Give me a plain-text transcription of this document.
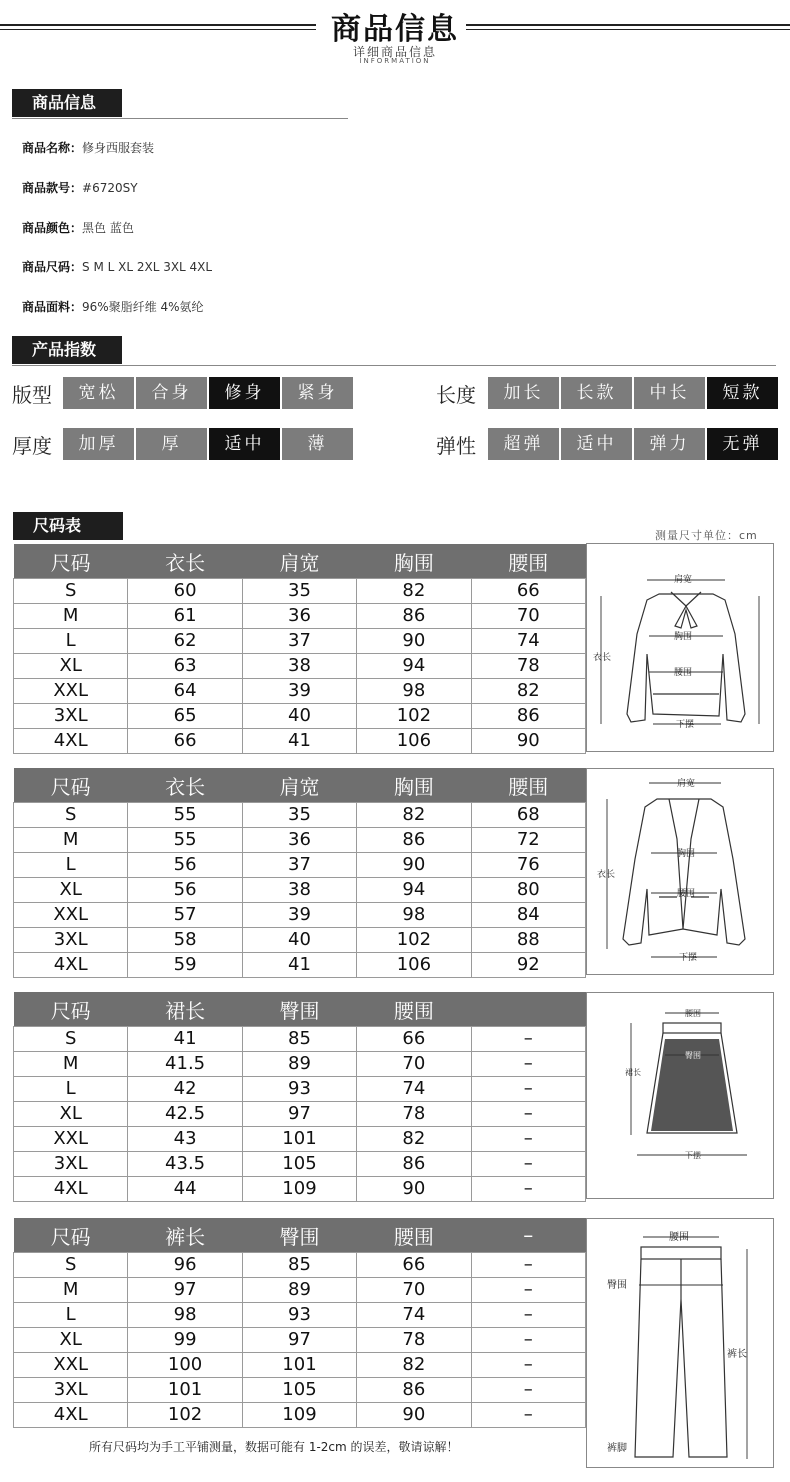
商品信息
详细商品信息
INFORMATION
商品信息
商品名称：修身西服套装
商品款号：#6720SY
商品颜色：黑色 蓝色
商品尺码：S M L XL 2XL 3XL 4XL
商品面料：96%聚脂纤维 4%氨纶
产品指数
版型	宽松	合身	修身	紧身	长度	加长	长款	中长	短款
厚度	加厚	厚	适中	薄	弹性	超弹	适中	弹力	无弹
尺码表
测量尺寸单位：cm
尺码	衣长	肩宽	胸围	腰围
S	60	35	82	66
M	61	36	86	70
L	62	37	90	74
XL	63	38	94	78
XXL	64	39	98	82
3XL	65	40	102	86
4XL	66	41	106	90
尺码	衣长	肩宽	胸围	腰围
S	55	35	82	68
M	55	36	86	72
L	56	37	90	76
XL	56	38	94	80
XXL	57	39	98	84
3XL	58	40	102	88
4XL	59	41	106	92
尺码	裙长	臀围	腰围	
S	41	85	66	–
M	41.5	89	70	–
L	42	93	74	–
XL	42.5	97	78	–
XXL	43	101	82	–
3XL	43.5	105	86	–
4XL	44	109	90	–
尺码	裤长	臀围	腰围	–
S	96	85	66	–
M	97	89	70	–
L	98	93	74	–
XL	99	97	78	–
XXL	100	101	82	–
3XL	101	105	86	–
4XL	102	109	90	–
肩宽
胸围
腰围
下摆
衣长
肩宽
胸围
腰围
下摆
衣长
腰围
臀围
裙长
下摆
腰围
臀围
裤长
裤脚
所有尺码均为手工平铺测量，数据可能有 1-2cm 的误差，敬请谅解！
